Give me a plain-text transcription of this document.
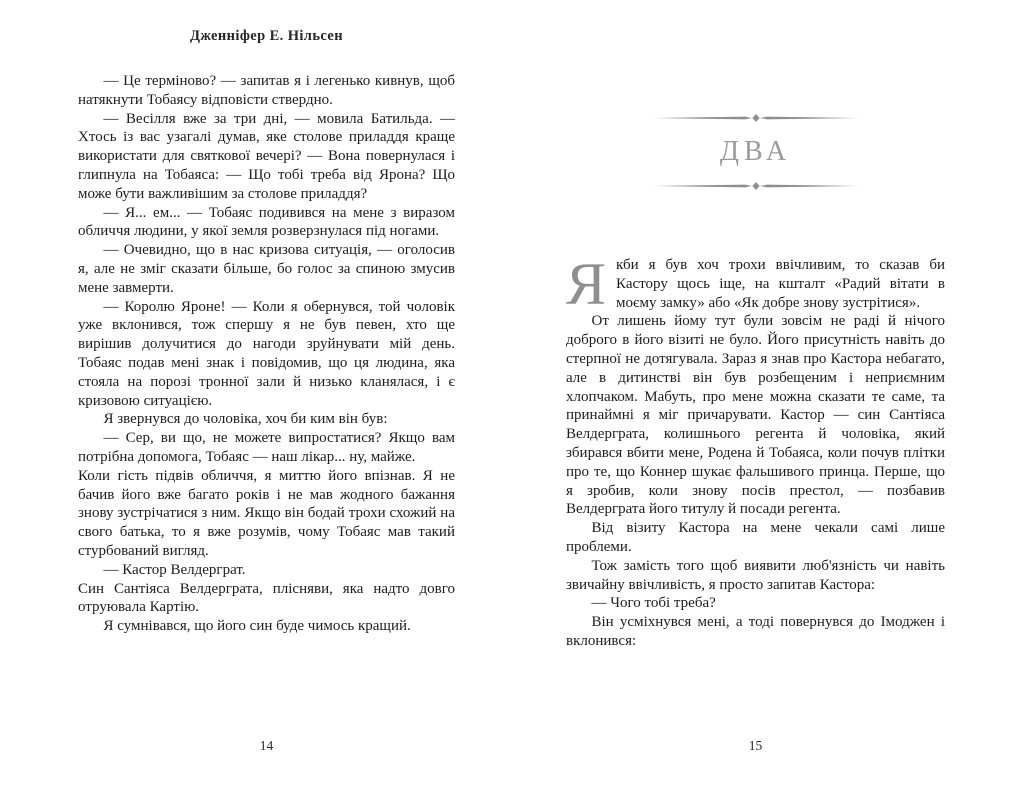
Дженніфер Е. Нільсен

— Це терміново? — запитав я і легенько кивнув, щоб натякнути Тобаясу відповісти ствердно.

— Весілля вже за три дні, — мовила Батильда. — Хтось із вас узагалі думав, яке столове приладдя краще використати для святкової вечері? — Вона повернулася і глипнула на Тобаяса: — Що тобі треба від Ярона? Що може бути важливішим за столове приладдя?

— Я... ем... — Тобаяс подивився на мене з виразом обличчя людини, у якої земля розверзнулася під ногами.

— Очевидно, що в нас кризова ситуація, — оголосив я, але не зміг сказати більше, бо голос за спиною змусив мене завмерти.

— Королю Яроне! — Коли я обернувся, той чоловік уже вклонився, тож спершу я не був певен, хто ще вирішив долучитися до нагоди зруйнувати мій день. Тобаяс подав мені знак і повідомив, що ця людина, яка стояла на порозі тронної зали й низько кланялася, і є кризовою ситуацією.

Я звернувся до чоловіка, хоч би ким він був:

— Сер, ви що, не можете випростатися? Якщо вам потрібна допомога, Тобаяс — наш лікар... ну, майже.

Коли гість підвів обличчя, я миттю його впізнав. Я не бачив його вже багато років і не мав жодного бажання знову зустрічатися з ним. Якщо він бодай трохи схожий на свого батька, то я вже розумів, чому Тобаяс мав такий стурбований вигляд.

— Кастор Велдерграт.

Син Сантіяса Велдерграта, плісняви, яка надто довго отруювала Картію.

Я сумнівався, що його син буде чимось кращий.

14
ДВА

Якби я був хоч трохи ввічливим, то сказав би Кастору щось іще, на кшталт «Радий вітати в моєму замку» або «Як добре знову зустрітися».

От лишень йому тут були зовсім не раді й нічого доброго в його візиті не було. Його присутність навіть до стерпної не дотягувала. Зараз я знав про Кастора небагато, але в дитинстві він був розбещеним і неприємним хлопчаком. Мабуть, про мене можна сказати те саме, та принаймні я міг причарувати. Кастор — син Сантіяса Велдерграта, колишнього регента й чоловіка, який збирався вбити мене, Родена й Тобаяса, коли почув плітки про те, що Коннер шукає фальшивого принца. Перше, що я зробив, коли знову посів престол, — позбавив Велдерграта його титулу й посади регента.

Від візиту Кастора на мене чекали самі лише проблеми.

Тож замість того щоб виявити люб'язність чи навіть звичайну ввічливість, я просто запитав Кастора:

— Чого тобі треба?

Він усміхнувся мені, а тоді повернувся до Імоджен і вклонився:

15
